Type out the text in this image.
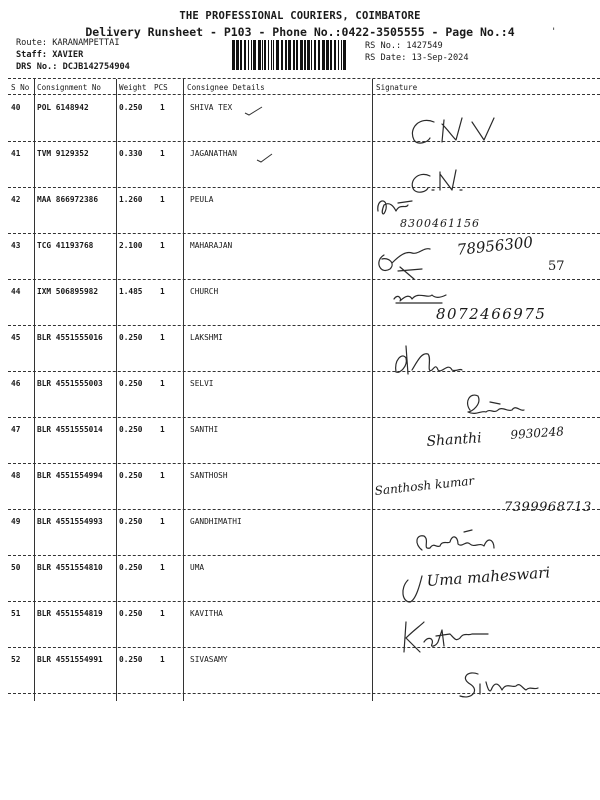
THE PROFESSIONAL COURIERS, COIMBATORE
Delivery Runsheet - P103 - Phone No.:0422-3505555 - Page No.:4
Route: KARANAMPETTAI
Staff: XAVIER
DRS No.: DCJB142754904
RS No.: 1427549
RS Date: 13-Sep-2024
S No Consignment No Weight PCS	Consignee Details	Signature
40 POL 6148942	0.250 1	SHIVA TEX
41 TVM 9129352	0.330 1	JAGANATHAN
42 MAA 866972386	1.260 1	PEULA
43 TCG 41193768	2.100 1	MAHARAJAN
44 IXM 506895982	1.485 1	CHURCH
45 BLR 4551555016 0.250 1	LAKSHMI
46 BLR 4551555003 0.250 1	SELVI
47 BLR 4551555014 0.250 1	SANTHI
48 BLR 4551554994 0.250 1	SANTHOSH
49 BLR 4551554993 0.250 1	GANDHIMATHI
50 BLR 4551554810 0.250 1	UMA
51 BLR 4551554819 0.250 1	KAVITHA
52 BLR 4551554991 0.250 1	SIVASAMY
'
8300461156
78956300
57
8072466975
Shanthi 9930248
Santhosh kumar
7399968713
Uma maheswari
